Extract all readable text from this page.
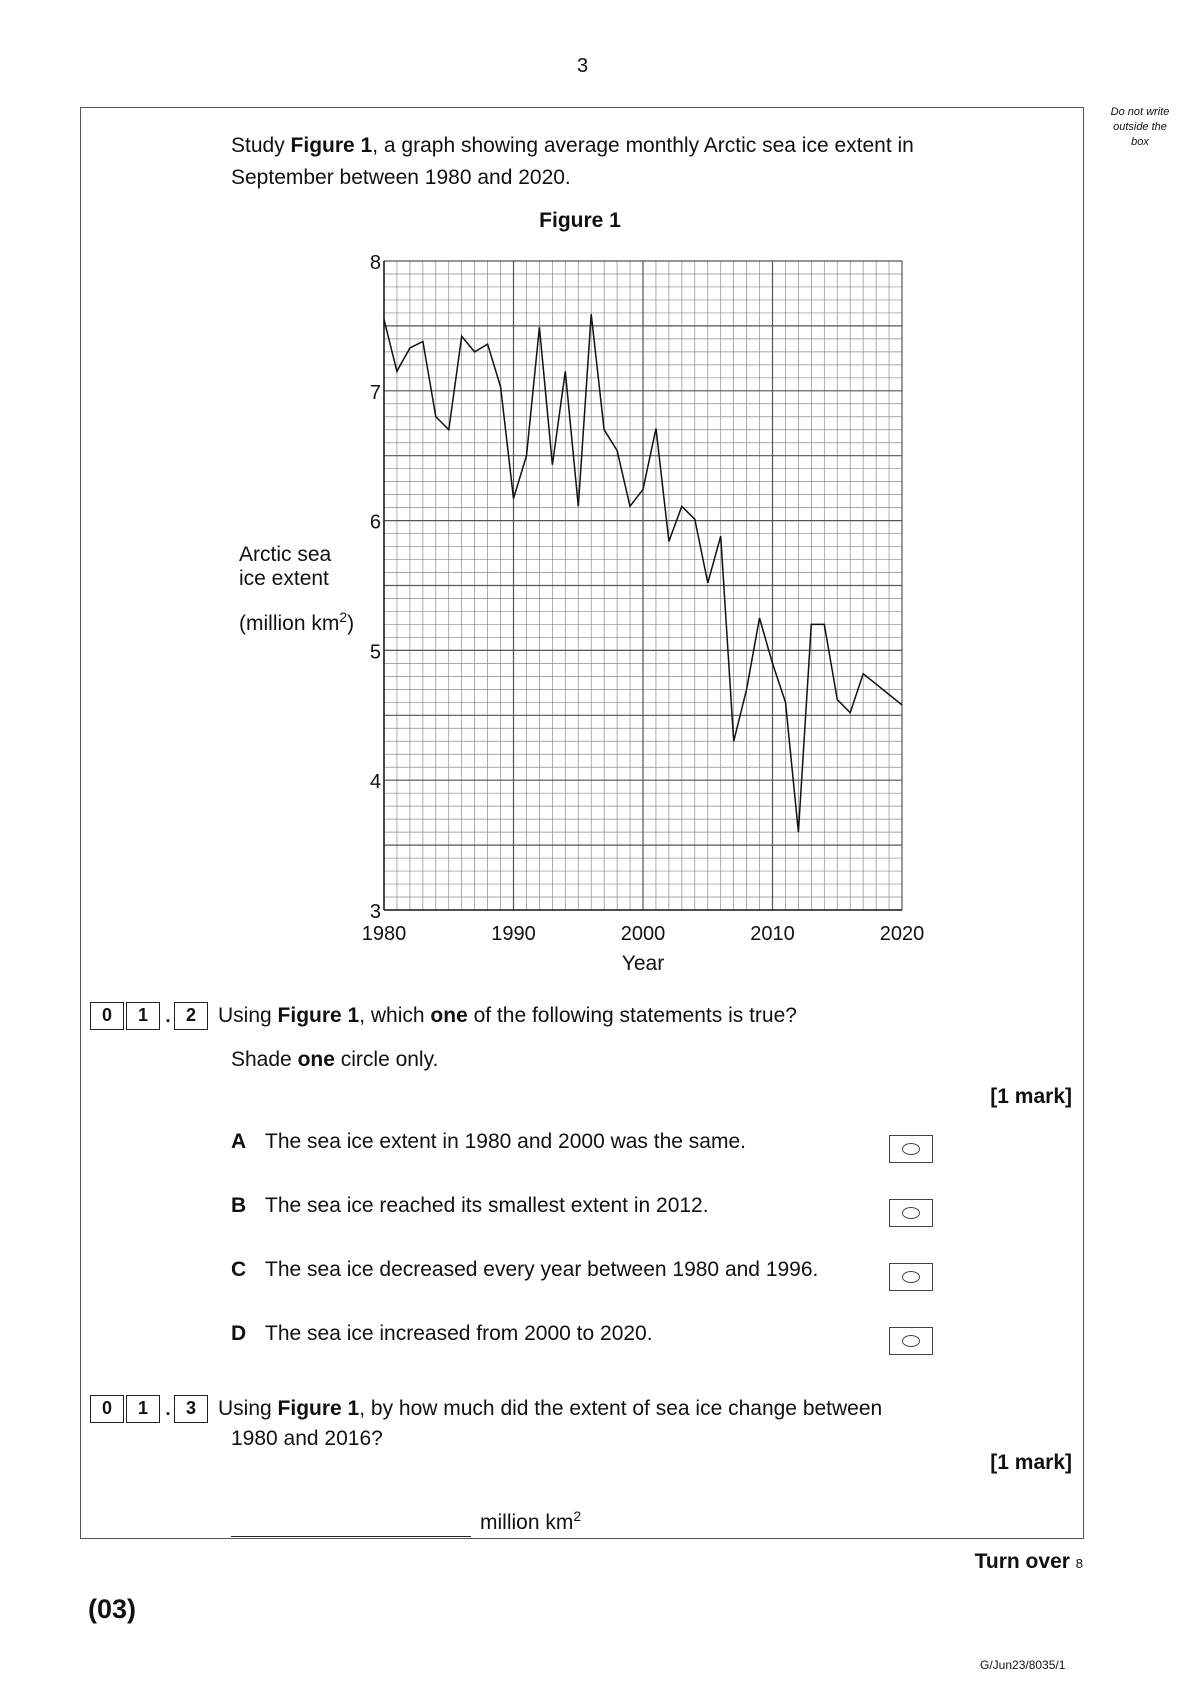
3
Do not write
outside the
box
Study Figure 1, a graph showing average monthly Arctic sea ice extent in September between 1980 and 2020.
Figure 1
3
4
5
6
7
8
1980	1990	2000	2010	2020
Year
Arctic sea
ice extent
(million $km^2$)
0	1 . 2	Using Figure 1, which one of the following statements is true?
Shade one circle only.
[1 mark]
A The sea ice extent in 1980 and 2000 was the same.
B The sea ice reached its smallest extent in 2012.
C The sea ice decreased every year between 1980 and 1996.
D The sea ice increased from 2000 to 2020.
0	1 . 3	Using Figure 1, by how much did the extent of sea ice change between
1980 and 2016?
[1 mark]
million $km^2$
Turn over 8
(03)
G/Jun23/8035/1
